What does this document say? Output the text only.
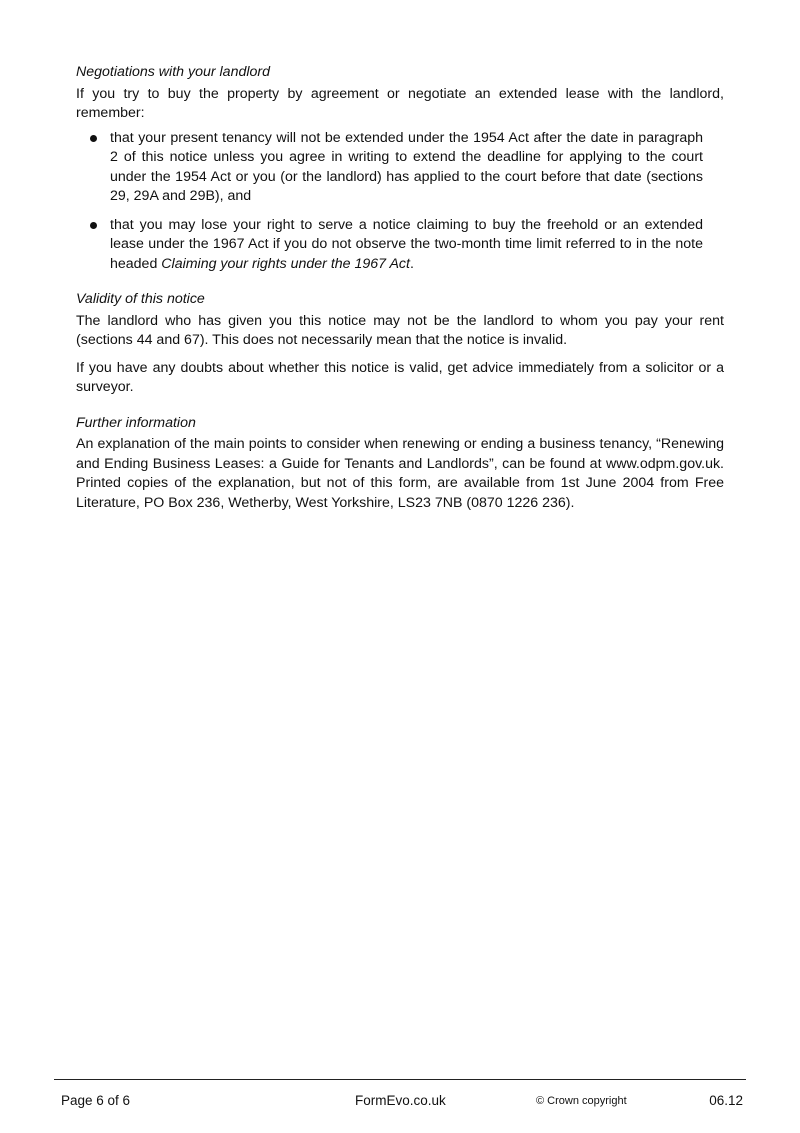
Negotiations with your landlord

If you try to buy the property by agreement or negotiate an extended lease with the landlord, remember:

that your present tenancy will not be extended under the 1954 Act after the date in paragraph 2 of this notice unless you agree in writing to extend the deadline for applying to the court under the 1954 Act or you (or the landlord) has applied to the court before that date (sections 29, 29A and 29B), and
that you may lose your right to serve a notice claiming to buy the freehold or an extended lease under the 1967 Act if you do not observe the two-month time limit referred to in the note headed Claiming your rights under the 1967 Act.

Validity of this notice

The landlord who has given you this notice may not be the landlord to whom you pay your rent (sections 44 and 67). This does not necessarily mean that the notice is invalid.

If you have any doubts about whether this notice is valid, get advice immediately from a solicitor or a surveyor.

Further information

An explanation of the main points to consider when renewing or ending a business tenancy, “Renewing and Ending Business Leases: a Guide for Tenants and Landlords”, can be found at www.odpm.gov.uk. Printed copies of the explanation, but not of this form, are available from 1st June 2004 from Free Literature, PO Box 236, Wetherby, West Yorkshire, LS23 7NB (0870 1226 236).

Page 6 of 6	FormEvo.co.uk	© Crown copyright	06.12
